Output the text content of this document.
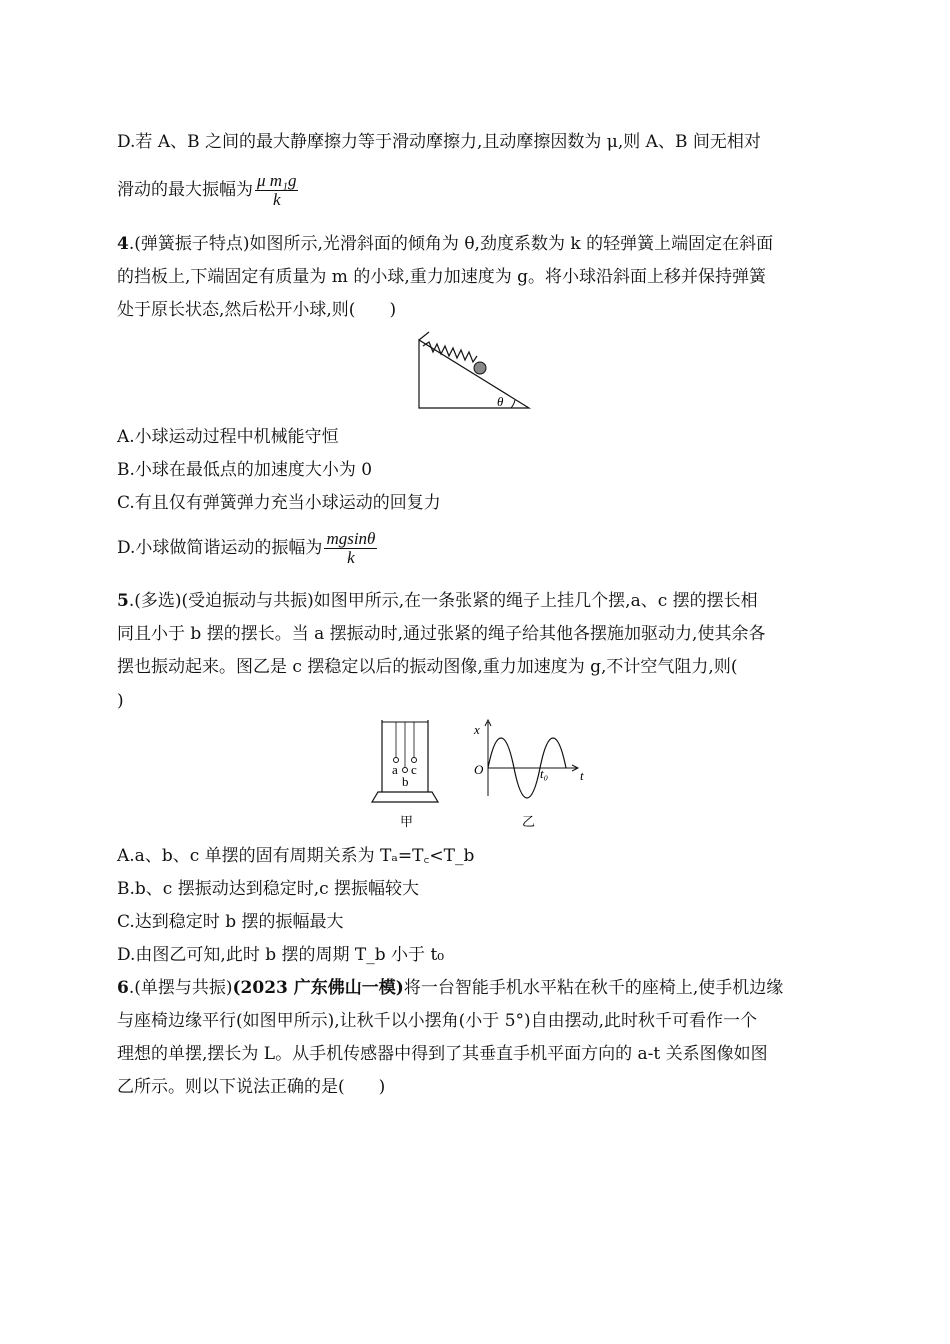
D.若 A、B 之间的最大静摩擦力等于滑动摩擦力,且动摩擦因数为 μ,则 A、B 间无相对
滑动的最大振幅为 $\frac{\text{μ m₁g}}{k}$
4.(弹簧振子特点)如图所示,光滑斜面的倾角为 θ,劲度系数为 k 的轻弹簧上端固定在斜面
的挡板上,下端固定有质量为 m 的小球,重力加速度为 g。将小球沿斜面上移并保持弹簧
处于原长状态,然后松开小球,则(　　)
θ
A.小球运动过程中机械能守恒
B.小球在最低点的加速度大小为 0
C.有且仅有弹簧弹力充当小球运动的回复力
D.小球做简谐运动的振幅为 $\frac{mgsin\theta}{k}$
5.(多选)(受迫振动与共振)如图甲所示,在一条张紧的绳子上挂几个摆,a、c 摆的摆长相
同且小于 b 摆的摆长。当 a 摆振动时,通过张紧的绳子给其他各摆施加驱动力,使其余各
摆也振动起来。图乙是 c 摆稳定以后的振动图像,重力加速度为 g,不计空气阻力,则(
)
a
b
c
甲
x
t
O	t₀
乙
A.a、b、c 单摆的固有周期关系为 Tₐ=T꜀<T_b
B.b、c 摆振动达到稳定时,c 摆振幅较大
C.达到稳定时 b 摆的振幅最大
D.由图乙可知,此时 b 摆的周期 T_b 小于 t₀
6.(单摆与共振)(2023 广东佛山一模)将一台智能手机水平粘在秋千的座椅上,使手机边缘
与座椅边缘平行(如图甲所示),让秋千以小摆角(小于 5°)自由摆动,此时秋千可看作一个
理想的单摆,摆长为 L。从手机传感器中得到了其垂直手机平面方向的 a-t 关系图像如图
乙所示。则以下说法正确的是(　　)
